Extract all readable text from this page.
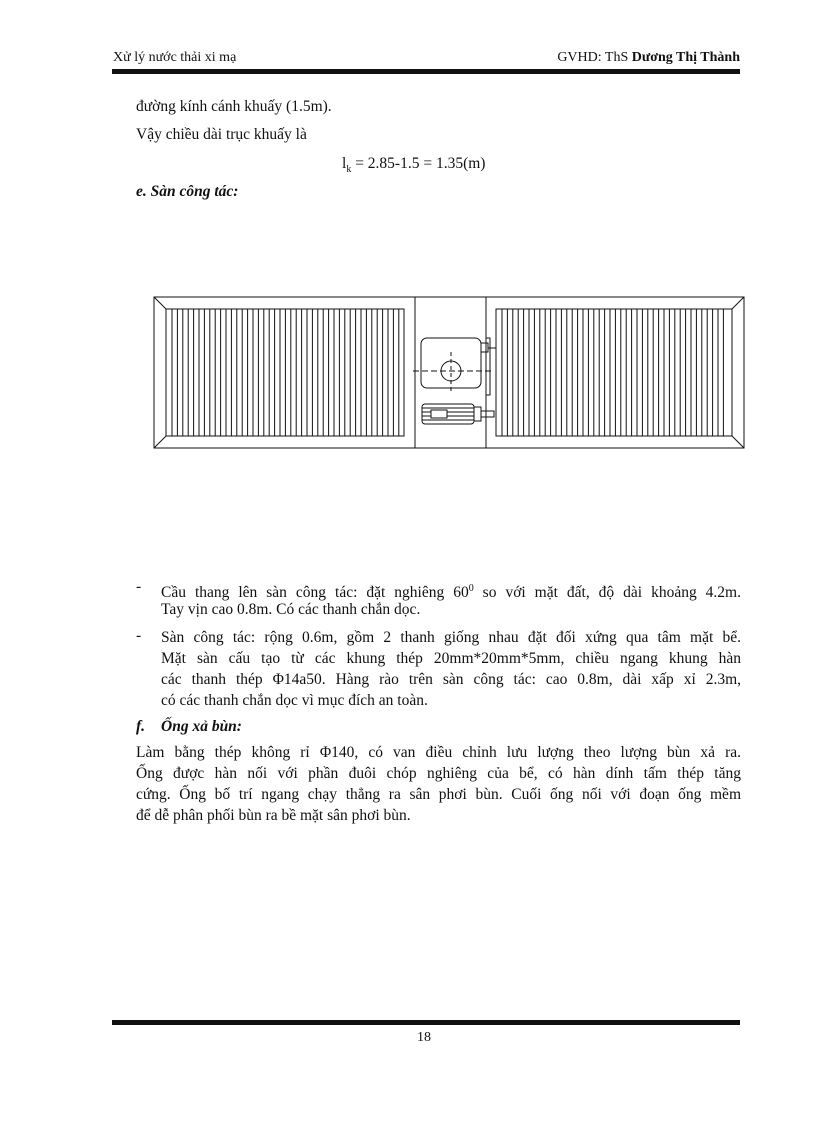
Xử lý nước thải xi mạ	GVHD: ThS Dương Thị Thành
đường kính cánh khuấy (1.5m).
Vậy chiều dài trục khuấy là
$l_k = 2.85-1.5 = 1.35(m)$
e. Sàn công tác:
- Cầu thang lên sàn công tác: đặt nghiêng $60^0$ so với mặt đất, độ dài khoảng 4.2m.
Tay vịn cao 0.8m. Có các thanh chắn dọc.
- Sàn công tác: rộng 0.6m, gồm 2 thanh giống nhau đặt đối xứng qua tâm mặt bể.
Mặt sàn cấu tạo từ các khung thép 20mm*20mm*5mm, chiều ngang khung hàn
các thanh thép Φ14a50. Hàng rào trên sàn công tác: cao 0.8m, dài xấp xỉ 2.3m,
có các thanh chắn dọc vì mục đích an toàn.
f. Ống xả bùn:
Làm bằng thép không rỉ Φ140, có van điều chỉnh lưu lượng theo lượng bùn xả ra.
Ống được hàn nối với phần đuôi chóp nghiêng của bể, có hàn dính tấm thép tăng
cứng. Ống bố trí ngang chạy thẳng ra sân phơi bùn. Cuối ống nối với đoạn ống mềm
để dễ phân phối bùn ra bề mặt sân phơi bùn.
18
